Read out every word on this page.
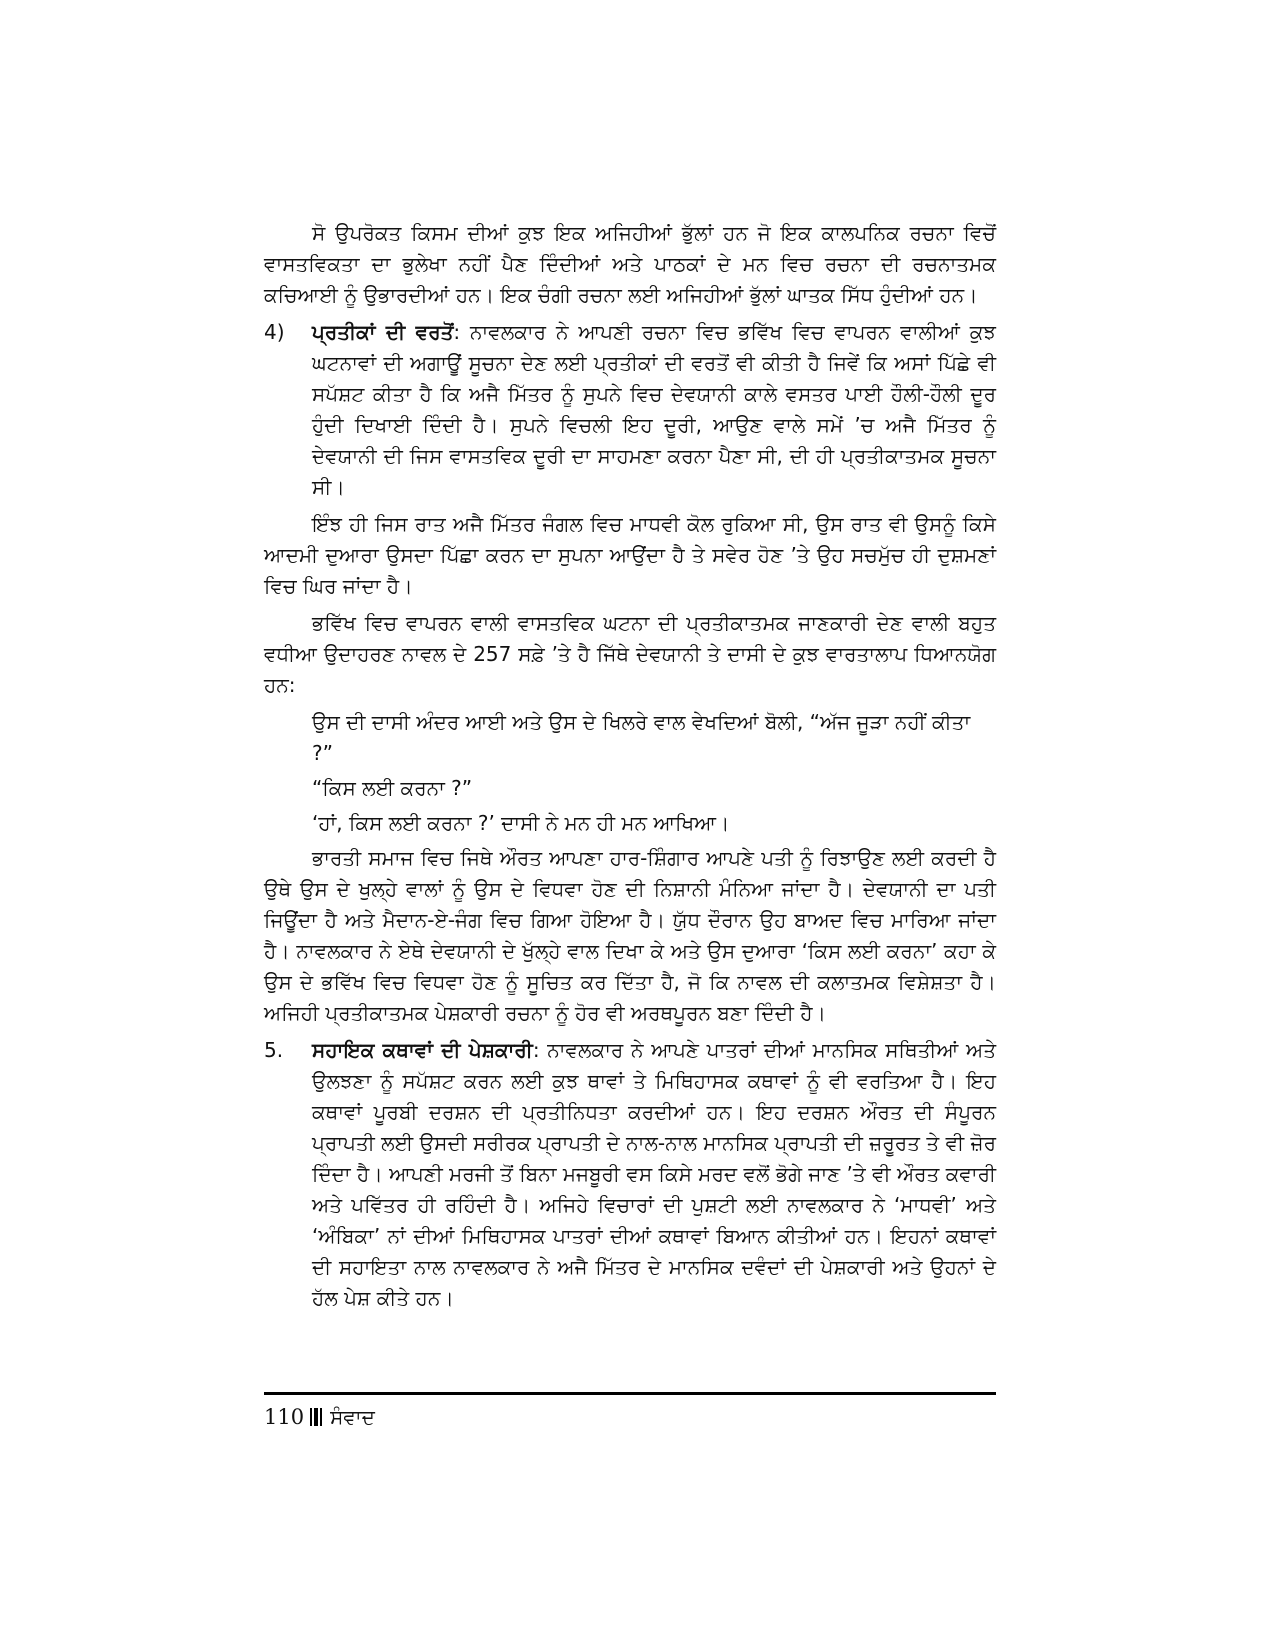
ਸੋ ਉਪਰੋਕਤ ਕਿਸਮ ਦੀਆਂ ਕੁਝ ਇਕ ਅਜਿਹੀਆਂ ਭੁੱਲਾਂ ਹਨ ਜੋ ਇਕ ਕਾਲਪਨਿਕ ਰਚਨਾ ਵਿਚੋਂ ਵਾਸਤਵਿਕਤਾ ਦਾ ਭੁਲੇਖਾ ਨਹੀਂ ਪੈਣ ਦਿੰਦੀਆਂ ਅਤੇ ਪਾਠਕਾਂ ਦੇ ਮਨ ਵਿਚ ਰਚਨਾ ਦੀ ਰਚਨਾਤਮਕ ਕਚਿਆਈ ਨੂੰ ਉਭਾਰਦੀਆਂ ਹਨ। ਇਕ ਚੰਗੀ ਰਚਨਾ ਲਈ ਅਜਿਹੀਆਂ ਭੁੱਲਾਂ ਘਾਤਕ ਸਿੱਧ ਹੁੰਦੀਆਂ ਹਨ।

4) ਪ੍ਰਤੀਕਾਂ ਦੀ ਵਰਤੋਂ: ਨਾਵਲਕਾਰ ਨੇ ਆਪਣੀ ਰਚਨਾ ਵਿਚ ਭਵਿੱਖ ਵਿਚ ਵਾਪਰਨ ਵਾਲੀਆਂ ਕੁਝ ਘਟਨਾਵਾਂ ਦੀ ਅਗਾਊਂ ਸੂਚਨਾ ਦੇਣ ਲਈ ਪ੍ਰਤੀਕਾਂ ਦੀ ਵਰਤੋਂ ਵੀ ਕੀਤੀ ਹੈ ਜਿਵੇਂ ਕਿ ਅਸਾਂ ਪਿੱਛੇ ਵੀ ਸਪੱਸ਼ਟ ਕੀਤਾ ਹੈ ਕਿ ਅਜੈ ਮਿੱਤਰ ਨੂੰ ਸੁਪਨੇ ਵਿਚ ਦੇਵਯਾਨੀ ਕਾਲੇ ਵਸਤਰ ਪਾਈ ਹੌਲੀ-ਹੌਲੀ ਦੂਰ ਹੁੰਦੀ ਦਿਖਾਈ ਦਿੰਦੀ ਹੈ। ਸੁਪਨੇ ਵਿਚਲੀ ਇਹ ਦੂਰੀ, ਆਉਣ ਵਾਲੇ ਸਮੇਂ ’ਚ ਅਜੈ ਮਿੱਤਰ ਨੂੰ ਦੇਵਯਾਨੀ ਦੀ ਜਿਸ ਵਾਸਤਵਿਕ ਦੂਰੀ ਦਾ ਸਾਹਮਣਾ ਕਰਨਾ ਪੈਣਾ ਸੀ, ਦੀ ਹੀ ਪ੍ਰਤੀਕਾਤਮਕ ਸੂਚਨਾ ਸੀ।

ਇੰਝ ਹੀ ਜਿਸ ਰਾਤ ਅਜੈ ਮਿੱਤਰ ਜੰਗਲ ਵਿਚ ਮਾਧਵੀ ਕੋਲ ਰੁਕਿਆ ਸੀ, ਉਸ ਰਾਤ ਵੀ ਉਸਨੂੰ ਕਿਸੇ ਆਦਮੀ ਦੁਆਰਾ ਉਸਦਾ ਪਿੱਛਾ ਕਰਨ ਦਾ ਸੁਪਨਾ ਆਉਂਦਾ ਹੈ ਤੇ ਸਵੇਰ ਹੋਣ ’ਤੇ ਉਹ ਸਚਮੁੱਚ ਹੀ ਦੁਸ਼ਮਣਾਂ ਵਿਚ ਘਿਰ ਜਾਂਦਾ ਹੈ।

ਭਵਿੱਖ ਵਿਚ ਵਾਪਰਨ ਵਾਲੀ ਵਾਸਤਵਿਕ ਘਟਨਾ ਦੀ ਪ੍ਰਤੀਕਾਤਮਕ ਜਾਣਕਾਰੀ ਦੇਣ ਵਾਲੀ ਬਹੁਤ ਵਧੀਆ ਉਦਾਹਰਣ ਨਾਵਲ ਦੇ 257 ਸਫ਼ੇ ’ਤੇ ਹੈ ਜਿੱਥੇ ਦੇਵਯਾਨੀ ਤੇ ਦਾਸੀ ਦੇ ਕੁਝ ਵਾਰਤਾਲਾਪ ਧਿਆਨਯੋਗ ਹਨ:

ਉਸ ਦੀ ਦਾਸੀ ਅੰਦਰ ਆਈ ਅਤੇ ਉਸ ਦੇ ਖਿਲਰੇ ਵਾਲ ਵੇਖਦਿਆਂ ਬੋਲੀ, “ਅੱਜ ਜੂੜਾ ਨਹੀਂ ਕੀਤਾ ?”

“ਕਿਸ ਲਈ ਕਰਨਾ ?”

‘ਹਾਂ, ਕਿਸ ਲਈ ਕਰਨਾ ?’ ਦਾਸੀ ਨੇ ਮਨ ਹੀ ਮਨ ਆਖਿਆ।

ਭਾਰਤੀ ਸਮਾਜ ਵਿਚ ਜਿਥੇ ਔਰਤ ਆਪਣਾ ਹਾਰ-ਸ਼ਿੰਗਾਰ ਆਪਣੇ ਪਤੀ ਨੂੰ ਰਿਝਾਉਣ ਲਈ ਕਰਦੀ ਹੈ ਉਥੇ ਉਸ ਦੇ ਖੁਲ੍ਹੇ ਵਾਲਾਂ ਨੂੰ ਉਸ ਦੇ ਵਿਧਵਾ ਹੋਣ ਦੀ ਨਿਸ਼ਾਨੀ ਮੰਨਿਆ ਜਾਂਦਾ ਹੈ। ਦੇਵਯਾਨੀ ਦਾ ਪਤੀ ਜਿਊਂਦਾ ਹੈ ਅਤੇ ਮੈਦਾਨ-ਏ-ਜੰਗ ਵਿਚ ਗਿਆ ਹੋਇਆ ਹੈ। ਯੁੱਧ ਦੌਰਾਨ ਉਹ ਬਾਅਦ ਵਿਚ ਮਾਰਿਆ ਜਾਂਦਾ ਹੈ। ਨਾਵਲਕਾਰ ਨੇ ਏਥੇ ਦੇਵਯਾਨੀ ਦੇ ਖੁੱਲ੍ਹੇ ਵਾਲ ਦਿਖਾ ਕੇ ਅਤੇ ਉਸ ਦੁਆਰਾ ‘ਕਿਸ ਲਈ ਕਰਨਾ’ ਕਹਾ ਕੇ ਉਸ ਦੇ ਭਵਿੱਖ ਵਿਚ ਵਿਧਵਾ ਹੋਣ ਨੂੰ ਸੂਚਿਤ ਕਰ ਦਿੱਤਾ ਹੈ, ਜੋ ਕਿ ਨਾਵਲ ਦੀ ਕਲਾਤਮਕ ਵਿਸ਼ੇਸ਼ਤਾ ਹੈ। ਅਜਿਹੀ ਪ੍ਰਤੀਕਾਤਮਕ ਪੇਸ਼ਕਾਰੀ ਰਚਨਾ ਨੂੰ ਹੋਰ ਵੀ ਅਰਥਪੂਰਨ ਬਣਾ ਦਿੰਦੀ ਹੈ।

5. ਸਹਾਇਕ ਕਥਾਵਾਂ ਦੀ ਪੇਸ਼ਕਾਰੀ: ਨਾਵਲਕਾਰ ਨੇ ਆਪਣੇ ਪਾਤਰਾਂ ਦੀਆਂ ਮਾਨਸਿਕ ਸਥਿਤੀਆਂ ਅਤੇ ਉਲਝਣਾ ਨੂੰ ਸਪੱਸ਼ਟ ਕਰਨ ਲਈ ਕੁਝ ਥਾਵਾਂ ਤੇ ਮਿਥਿਹਾਸਕ ਕਥਾਵਾਂ ਨੂੰ ਵੀ ਵਰਤਿਆ ਹੈ। ਇਹ ਕਥਾਵਾਂ ਪੂਰਬੀ ਦਰਸ਼ਨ ਦੀ ਪ੍ਰਤੀਨਿਧਤਾ ਕਰਦੀਆਂ ਹਨ। ਇਹ ਦਰਸ਼ਨ ਔਰਤ ਦੀ ਸੰਪੂਰਨ ਪ੍ਰਾਪਤੀ ਲਈ ਉਸਦੀ ਸਰੀਰਕ ਪ੍ਰਾਪਤੀ ਦੇ ਨਾਲ-ਨਾਲ ਮਾਨਸਿਕ ਪ੍ਰਾਪਤੀ ਦੀ ਜ਼ਰੂਰਤ ਤੇ ਵੀ ਜ਼ੋਰ ਦਿੰਦਾ ਹੈ। ਆਪਣੀ ਮਰਜੀ ਤੋਂ ਬਿਨਾ ਮਜਬੂਰੀ ਵਸ ਕਿਸੇ ਮਰਦ ਵਲੋਂ ਭੋਗੇ ਜਾਣ ’ਤੇ ਵੀ ਔਰਤ ਕਵਾਰੀ ਅਤੇ ਪਵਿੱਤਰ ਹੀ ਰਹਿੰਦੀ ਹੈ। ਅਜਿਹੇ ਵਿਚਾਰਾਂ ਦੀ ਪੁਸ਼ਟੀ ਲਈ ਨਾਵਲਕਾਰ ਨੇ ‘ਮਾਧਵੀ’ ਅਤੇ ‘ਅੰਬਿਕਾ’ ਨਾਂ ਦੀਆਂ ਮਿਥਿਹਾਸਕ ਪਾਤਰਾਂ ਦੀਆਂ ਕਥਾਵਾਂ ਬਿਆਨ ਕੀਤੀਆਂ ਹਨ। ਇਹਨਾਂ ਕਥਾਵਾਂ ਦੀ ਸਹਾਇਤਾ ਨਾਲ ਨਾਵਲਕਾਰ ਨੇ ਅਜੈ ਮਿੱਤਰ ਦੇ ਮਾਨਸਿਕ ਦਵੰਦਾਂ ਦੀ ਪੇਸ਼ਕਾਰੀ ਅਤੇ ਉਹਨਾਂ ਦੇ ਹੱਲ ਪੇਸ਼ ਕੀਤੇ ਹਨ।

110 ਸੰਵਾਦ
